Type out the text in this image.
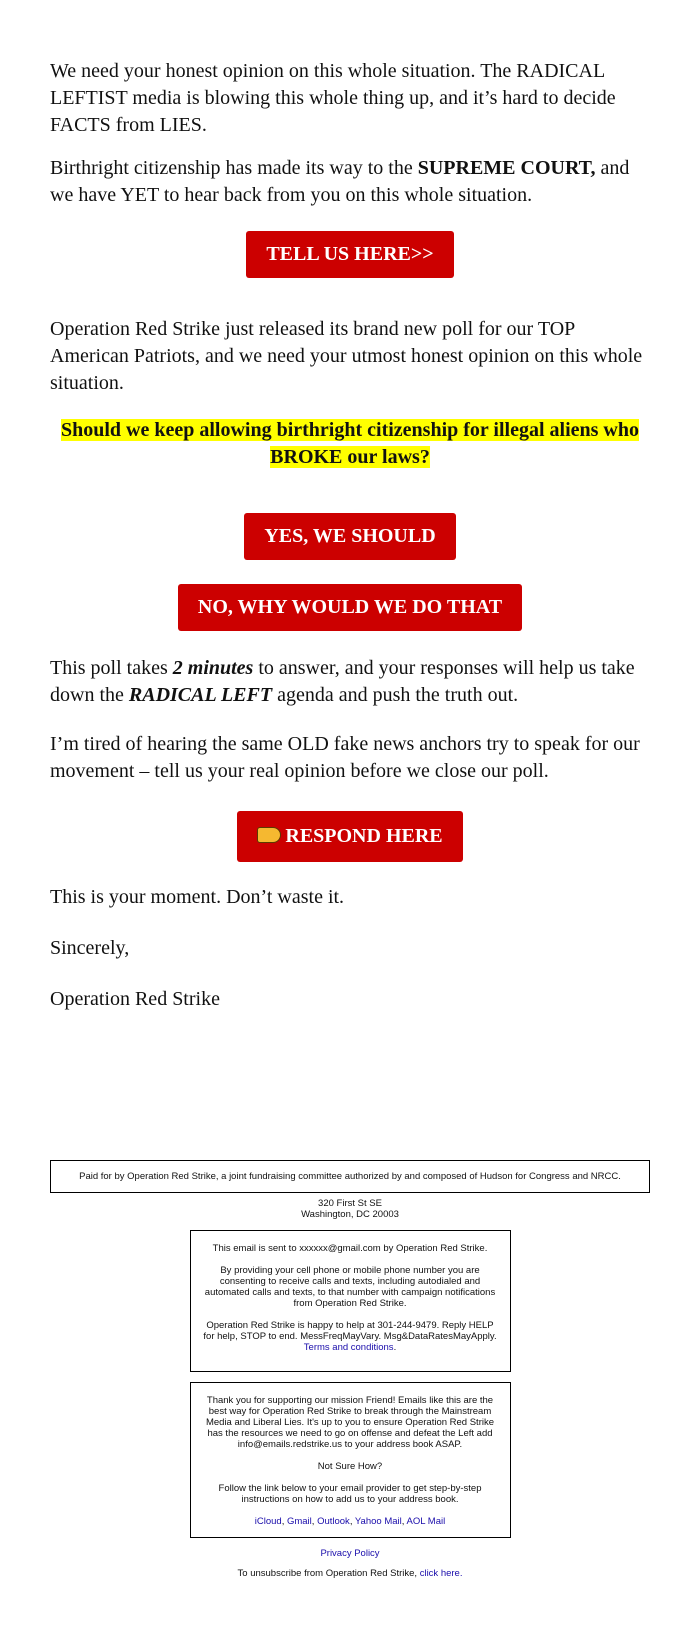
We need your honest opinion on this whole situation. The RADICAL LEFTIST media is blowing this whole thing up, and it’s hard to decide FACTS from LIES.

Birthright citizenship has made its way to the SUPREME COURT, and we have YET to hear back from you on this whole situation.

TELL US HERE>>

Operation Red Strike just released its brand new poll for our TOP American Patriots, and we need your utmost honest opinion on this whole situation.

Should we keep allowing birthright citizenship for illegal aliens who BROKE our laws?

YES, WE SHOULD
NO, WHY WOULD WE DO THAT

This poll takes 2 minutes to answer, and your responses will help us take down the RADICAL LEFT agenda and push the truth out.

I’m tired of hearing the same OLD fake news anchors try to speak for our movement – tell us your real opinion before we close our poll.

RESPOND HERE

This is your moment. Don’t waste it.

Sincerely,

Operation Red Strike

Paid for by Operation Red Strike, a joint fundraising committee authorized by and composed of Hudson for Congress and NRCC.
320 First St SE
Washington, DC 20003
This email is sent to xxxxxx@gmail.com by Operation Red Strike.

By providing your cell phone or mobile phone number you are consenting to receive calls and texts, including autodialed and automated calls and texts, to that number with campaign notifications from Operation Red Strike.

Operation Red Strike is happy to help at 301-244-9479. Reply HELP for help, STOP to end. MessFreqMayVary. Msg&DataRatesMayApply. Terms and conditions.
Thank you for supporting our mission Friend! Emails like this are the best way for Operation Red Strike to break through the Mainstream Media and Liberal Lies. It's up to you to ensure Operation Red Strike has the resources we need to go on offense and defeat the Left add info@emails.redstrike.us to your address book ASAP.

Not Sure How?

Follow the link below to your email provider to get step-by-step instructions on how to add us to your address book.

iCloud, Gmail, Outlook, Yahoo Mail, AOL Mail
Privacy Policy
To unsubscribe from Operation Red Strike, click here.
